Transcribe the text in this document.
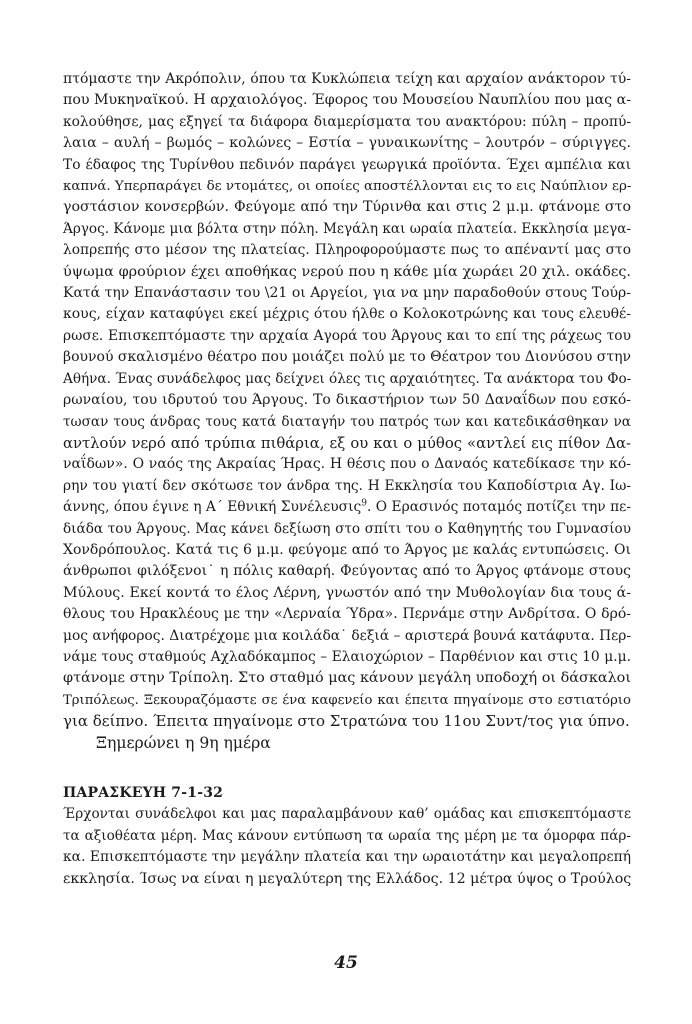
πτόμαστε την Ακρόπολιν, όπου τα Κυκλώπεια τείχη και αρχαίον ανάκτορον τύ-

που Μυκηναϊκού. Η αρχαιολόγος. Έφορος του Μουσείου Ναυπλίου που μας α-

κολούθησε, μας εξηγεί τα διάφορα διαμερίσματα του ανακτόρου: πύλη – προπύ-

λαια – αυλή – βωμός – κολώνες – Εστία – γυναικωνίτης – λουτρόν – σύριγγες.

Το έδαφος της Τυρίνθου πεδινόν παράγει γεωργικά προϊόντα. Έχει αμπέλια και

καπνά. Υπερπαράγει δε ντομάτες, οι οποίες αποστέλλονται εις το εις Ναύπλιον ερ-

γοστάσιον κονσερβών. Φεύγομε από την Τύρινθα και στις 2 μ.μ. φτάνομε στο

Άργος. Κάνομε μια βόλτα στην πόλη. Μεγάλη και ωραία πλατεία. Εκκλησία μεγα-

λοπρεπής στο μέσον της πλατείας. Πληροφορούμαστε πως το απέναντί μας στο

ύψωμα φρούριον έχει αποθήκας νερού που η κάθε μία χωράει 20 χιλ. οκάδες.

Κατά την Επανάστασιν του \21 οι Αργείοι, για να μην παραδοθούν στους Τούρ-

κους, είχαν καταφύγει εκεί μέχρις ότου ήλθε ο Κολοκοτρώνης και τους ελευθέ-

ρωσε. Επισκεπτόμαστε την αρχαία Αγορά του Άργους και το επί της ράχεως του

βουνού σκαλισμένο θέατρο που μοιάζει πολύ με το Θέατρον του Διονύσου στην

Αθήνα. Ένας συνάδελφος μας δείχνει όλες τις αρχαιότητες. Τα ανάκτορα του Φο-

ρωναίου, του ιδρυτού του Άργους. Το δικαστήριον των 50 Δαναΐδων που εσκό-

τωσαν τους άνδρας τους κατά διαταγήν του πατρός των και κατεδικάσθηκαν να

αντλούν νερό από τρύπια πιθάρια, εξ ου και ο μύθος «αντλεί εις πίθον Δα-

ναΐδων». Ο ναός της Ακραίας Ήρας. Η θέσις που ο Δαναός κατεδίκασε την κό-

ρην του γιατί δεν σκότωσε τον άνδρα της. Η Εκκλησία του Καποδίστρια Αγ. Ιω-

άννης, όπου έγινε η Α΄ Εθνική Συνέλευσις$^9$. Ο Ερασινός ποταμός ποτίζει την πε-

διάδα του Άργους. Μας κάνει δεξίωση στο σπίτι του ο Καθηγητής του Γυμνασίου

Χονδρόπουλος. Κατά τις 6 μ.μ. φεύγομε από το Άργος με καλάς εντυπώσεις. Οι

άνθρωποι φιλόξενοι˙ η πόλις καθαρή. Φεύγοντας από το Άργος φτάνομε στους

Μύλους. Εκεί κοντά το έλος Λέρνη, γνωστόν από την Μυθολογίαν δια τους ά-

θλους του Ηρακλέους με την «Λερναία Ύδρα». Περνάμε στην Ανδρίτσα. Ο δρό-

μος ανήφορος. Διατρέχομε μια κοιλάδα˙ δεξιά – αριστερά βουνά κατάφυτα. Περ-

νάμε τους σταθμούς Αχλαδόκαμπος – Ελαιοχώριον – Παρθένιον και στις 10 μ.μ.

φτάνομε στην Τρίπολη. Στο σταθμό μας κάνουν μεγάλη υποδοχή οι δάσκαλοι

Τριπόλεως. Ξεκουραζόμαστε σε ένα καφενείο και έπειτα πηγαίνομε στο εστιατόριο

για δείπνο. Έπειτα πηγαίνομε στο Στρατώνα του 11ου Συντ/τος για ύπνο.

Ξημερώνει η 9η ημέρα

ΠΑΡΑΣΚΕΥΗ 7-1-32

Έρχονται συνάδελφοι και μας παραλαμβάνουν καθ’ ομάδας και επισκεπτόμαστε

τα αξιοθέατα μέρη. Μας κάνουν εντύπωση τα ωραία της μέρη με τα όμορφα πάρ-

κα. Επισκεπτόμαστε την μεγάλην πλατεία και την ωραιοτάτην και μεγαλοπρεπή

εκκλησία. Ίσως να είναι η μεγαλύτερη της Ελλάδος. 12 μέτρα ύψος ο Τρούλος

45
